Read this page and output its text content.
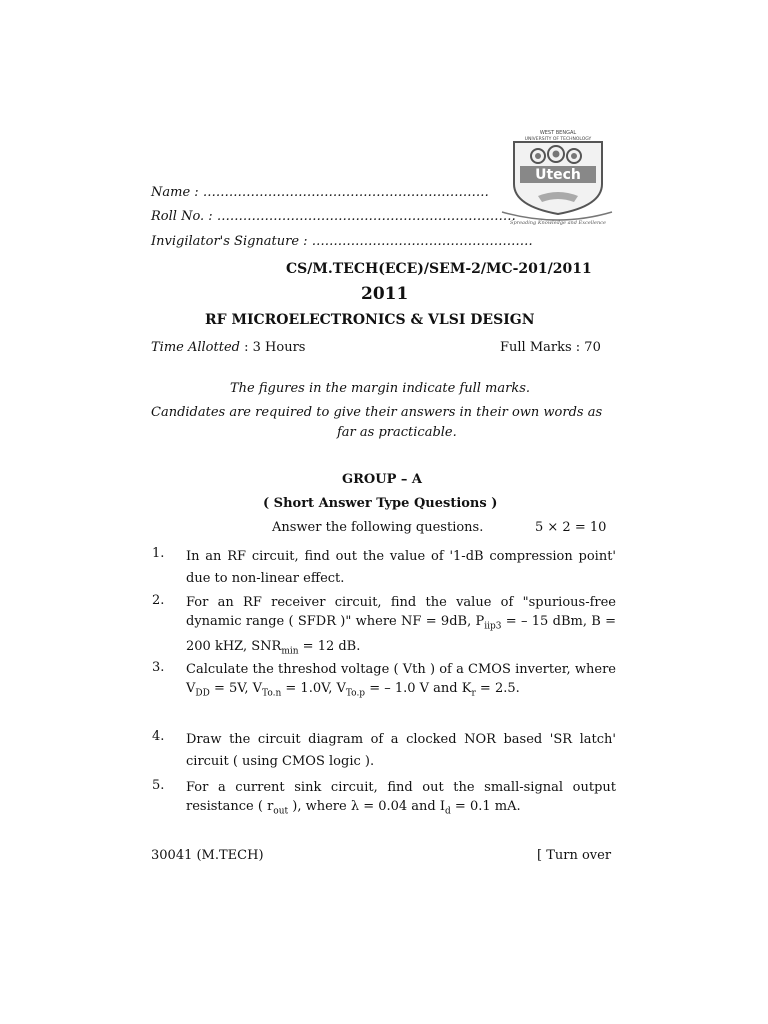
WEST BENGAL
UNIVERSITY OF TECHNOLOGY
Utech
Spreading Knowledge and Excellence
Name : …………………………………………………………
Roll No. : ……………………………………………………………
Invigilator's Signature : ……………………………………………
CS/M.TECH(ECE)/SEM-2/MC-201/2011
2011
RF MICROELECTRONICS & VLSI DESIGN
Time Allotted : 3 Hours	Full Marks : 70
The figures in the margin indicate full marks.
Candidates are required to give their answers in their own words as
far as practicable.
GROUP – A
( Short Answer Type Questions )
Answer the following questions.	5 × 2 = 10
1. In an RF circuit, find out the value of '1-dB compression point' due to non-linear effect.
2. For an RF receiver circuit, find the value of "spurious-free dynamic range ( SFDR )" where NF = 9dB, $P_{iip3}$ = – 15 dBm, B = 200 kHZ, $SNR_{min} = 12$ dB.
3. Calculate the threshod voltage ( Vth ) of a CMOS inverter, where $V_{DD} = 5V$, $V_{To.n} = 1.0V$, $V_{To.p}$ = – 1.0 V and $K_r = 2.5$.
4. Draw the circuit diagram of a clocked NOR based 'SR latch' circuit ( using CMOS logic ).
5. For a current sink circuit, find out the small-signal output resistance ( $r_{out}$ ), where λ = 0.04 and $I_d = 0.1$ mA.
30041 (M.TECH)	[ Turn over
